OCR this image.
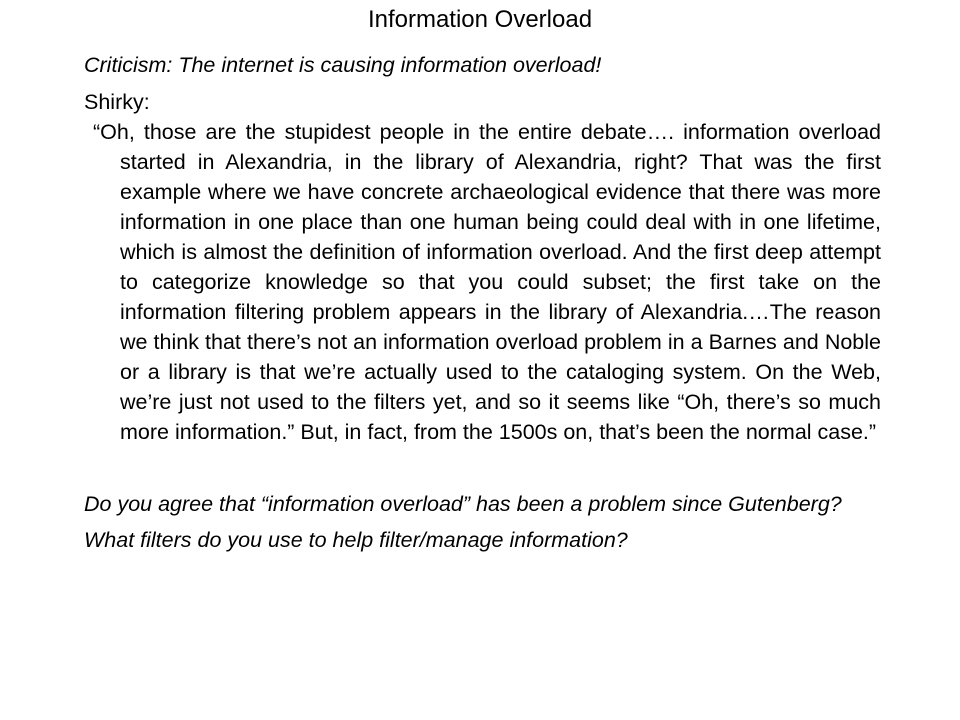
Information Overload

Criticism: The internet is causing information overload!

Shirky:

“Oh, those are the stupidest people in the entire debate…. information overload started in Alexandria, in the library of Alexandria, right? That was the first example where we have concrete archaeological evidence that there was more information in one place than one human being could deal with in one lifetime, which is almost the definition of information overload. And the first deep attempt to categorize knowledge so that you could subset; the first take on the information filtering problem appears in the library of Alexandria.…The reason we think that there’s not an information overload problem in a Barnes and Noble or a library is that we’re actually used to the cataloging system. On the Web, we’re just not used to the filters yet, and so it seems like “Oh, there’s so much more information.” But, in fact, from the 1500s on, that’s been the normal case.”

Do you agree that “information overload” has been a problem since Gutenberg?

What filters do you use to help filter/manage information?
